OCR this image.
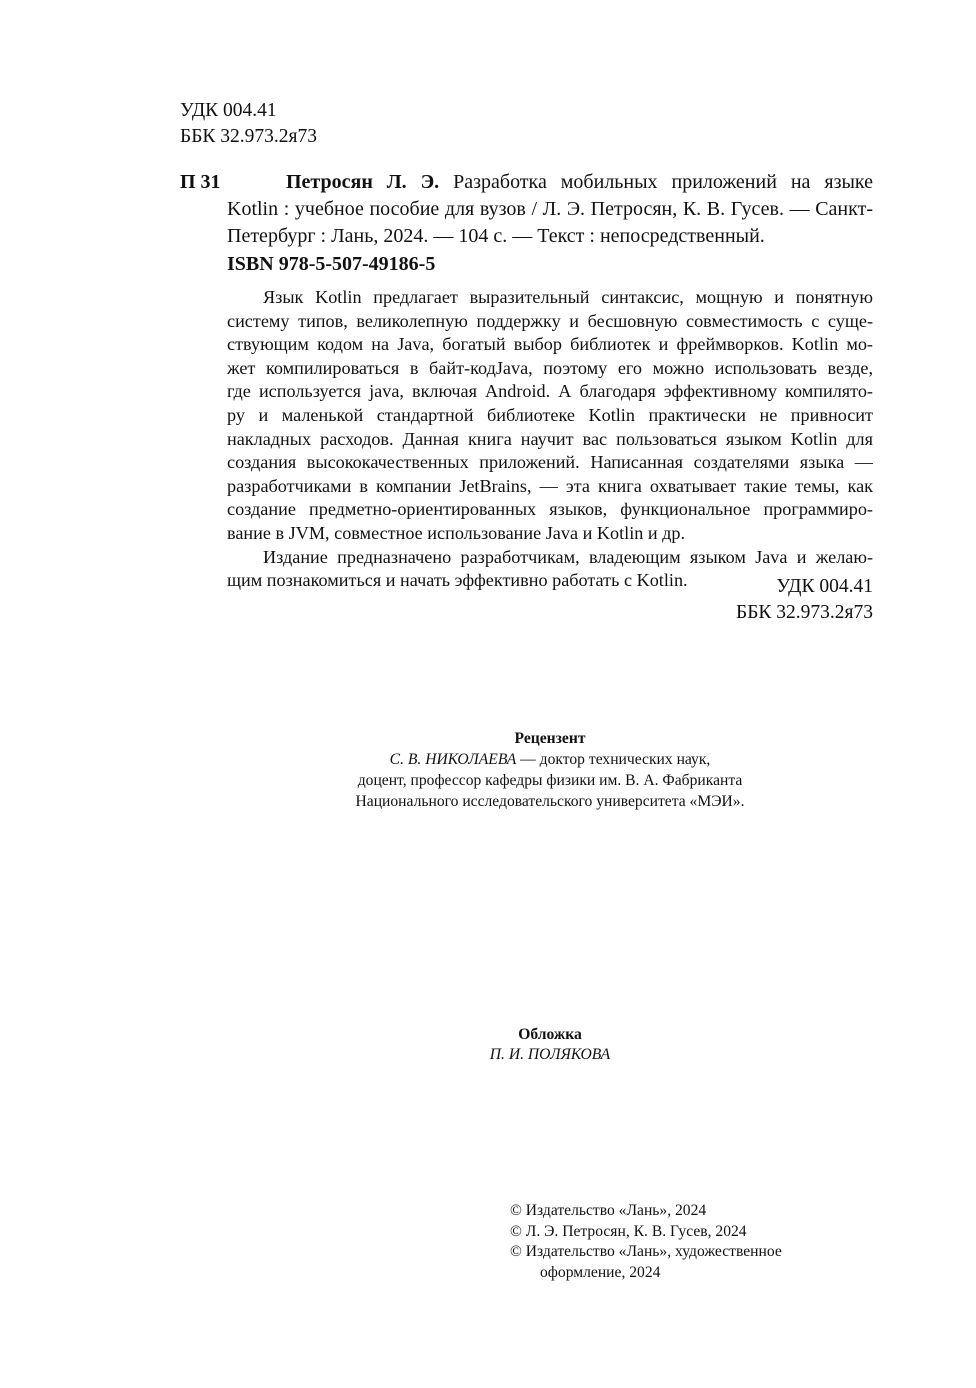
УДК 004.41
ББК 32.973.2я73
П 31	Петросян Л. Э. Разработка мобильных приложений на языке
Kotlin : учебное пособие для вузов / Л. Э. Петросян, К. В. Гусев. — Санкт-
Петербург : Лань, 2024. — 104 с. — Текст : непосредственный.
ISBN 978-5-507-49186-5
Язык Kotlin предлагает выразительный синтаксис, мощную и понятную
систему типов, великолепную поддержку и бесшовную совместимость с суще-
ствующим кодом на Java, богатый выбор библиотек и фреймворков. Kotlin мо-
жет компилироваться в байт-кодJava, поэтому его можно использовать везде,
где используется java, включая Android. А благодаря эффективному компилято-
ру и маленькой стандартной библиотеке Kotlin практически не привносит
накладных расходов. Данная книга научит вас пользоваться языком Kotlin для
создания высококачественных приложений. Написанная создателями языка —
разработчиками в компании JetBrains, — эта книга охватывает такие темы, как
создание предметно-ориентированных языков, функциональное программиро-
вание в JVM, совместное использование Java и Kotlin и др.
Издание предназначено разработчикам, владеющим языком Java и желаю-
щим познакомиться и начать эффективно работать с Kotlin.	УДК 004.41
ББК 32.973.2я73
Рецензент
С. В. НИКОЛАЕВА — доктор технических наук,
доцент, профессор кафедры физики им. В. А. Фабриканта
Национального исследовательского университета «МЭИ».
Обложка
П. И. ПОЛЯКОВА
© Издательство «Лань», 2024
© Л. Э. Петросян, К. В. Гусев, 2024
© Издательство «Лань», художественное
оформление, 2024
